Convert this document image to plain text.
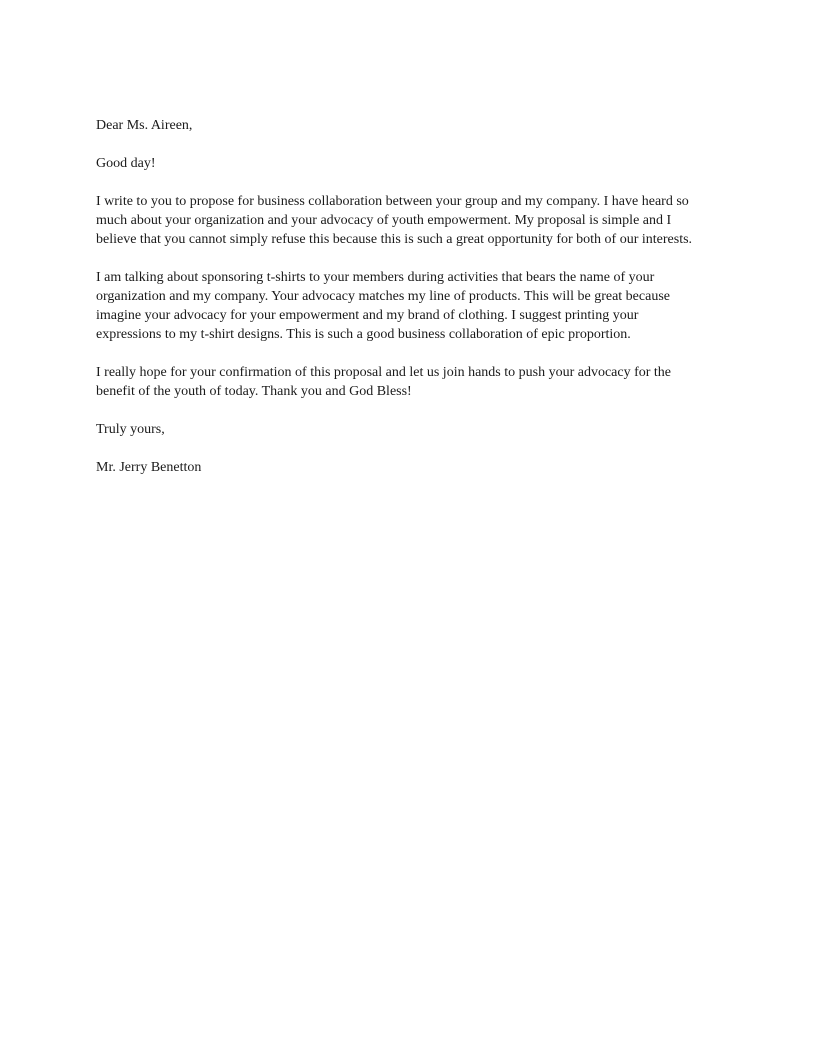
Dear Ms. Aireen,

Good day!

I write to you to propose for business collaboration between your group and my company. I have heard so
much about your organization and your advocacy of youth empowerment. My proposal is simple and I
believe that you cannot simply refuse this because this is such a great opportunity for both of our interests.

I am talking about sponsoring t-shirts to your members during activities that bears the name of your
organization and my company. Your advocacy matches my line of products. This will be great because
imagine your advocacy for your empowerment and my brand of clothing. I suggest printing your
expressions to my t-shirt designs. This is such a good business collaboration of epic proportion.

I really hope for your confirmation of this proposal and let us join hands to push your advocacy for the
benefit of the youth of today. Thank you and God Bless!

Truly yours,

Mr. Jerry Benetton
